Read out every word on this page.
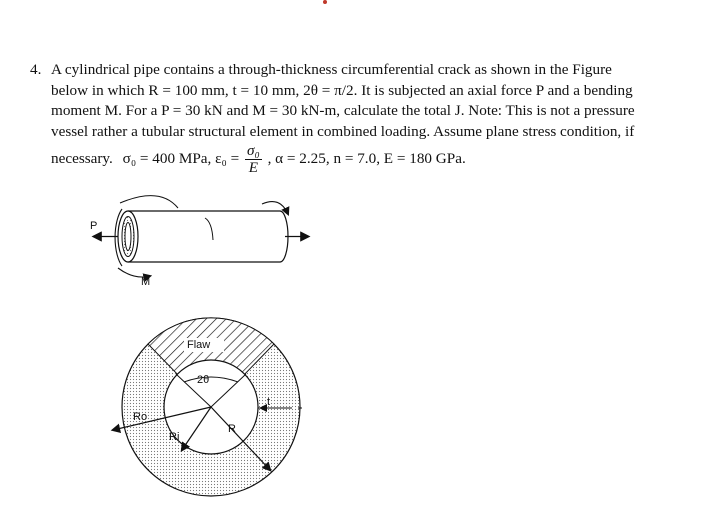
4. A cylindrical pipe contains a through-thickness circumferential crack as shown in the Figure
below in which R = 100 mm, t = 10 mm, 2θ = π/2. It is subjected an axial force P and a bending
moment M. For a P = 30 kN and M = 30 kN-m, calculate the total J. Note: This is not a pressure
vessel rather a tubular structural element in combined loading. Assume plane stress condition, if
necessary. σ₀ = 400 MPa, $\varepsilon_0 = \frac{\text{σ₀}}{E}$ , α = 2.25, n = 7.0, E = 180 GPa.
P
M
Flaw
2θ
t
Ro
Ri
R
